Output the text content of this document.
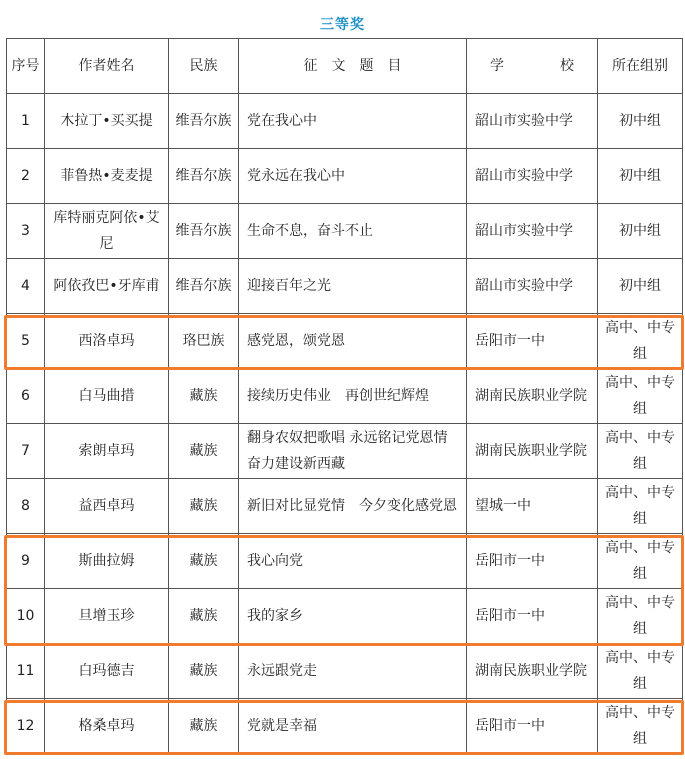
三等奖
序号	作者姓名	民族	征　文　题　目	学　　　　校	所在组别
1	木拉丁•买买提	维吾尔族	党在我心中	韶山市实验中学	初中组
2	菲鲁热•麦麦提	维吾尔族	党永远在我心中	韶山市实验中学	初中组
3	库特丽克阿依•艾尼	维吾尔族	生命不息，奋斗不止	韶山市实验中学	初中组
4	阿依孜巴•牙库甫	维吾尔族	迎接百年之光	韶山市实验中学	初中组
5	西洛卓玛	珞巴族	感党恩，颂党恩	岳阳市一中	高中、中专组
6	白马曲措	藏族	接续历史伟业　再创世纪辉煌	湖南民族职业学院	高中、中专组
7	索朗卓玛	藏族	翻身农奴把歌唱 永远铭记党恩情 奋力建设新西藏	湖南民族职业学院	高中、中专组
8	益西卓玛	藏族	新旧对比显党情　今夕变化感党恩	望城一中	高中、中专组
9	斯曲拉姆	藏族	我心向党	岳阳市一中	高中、中专组
10	旦增玉珍	藏族	我的家乡	岳阳市一中	高中、中专组
11	白玛德吉	藏族	永远跟党走	湖南民族职业学院	高中、中专组
12	格桑卓玛	藏族	党就是幸福	岳阳市一中	高中、中专组
